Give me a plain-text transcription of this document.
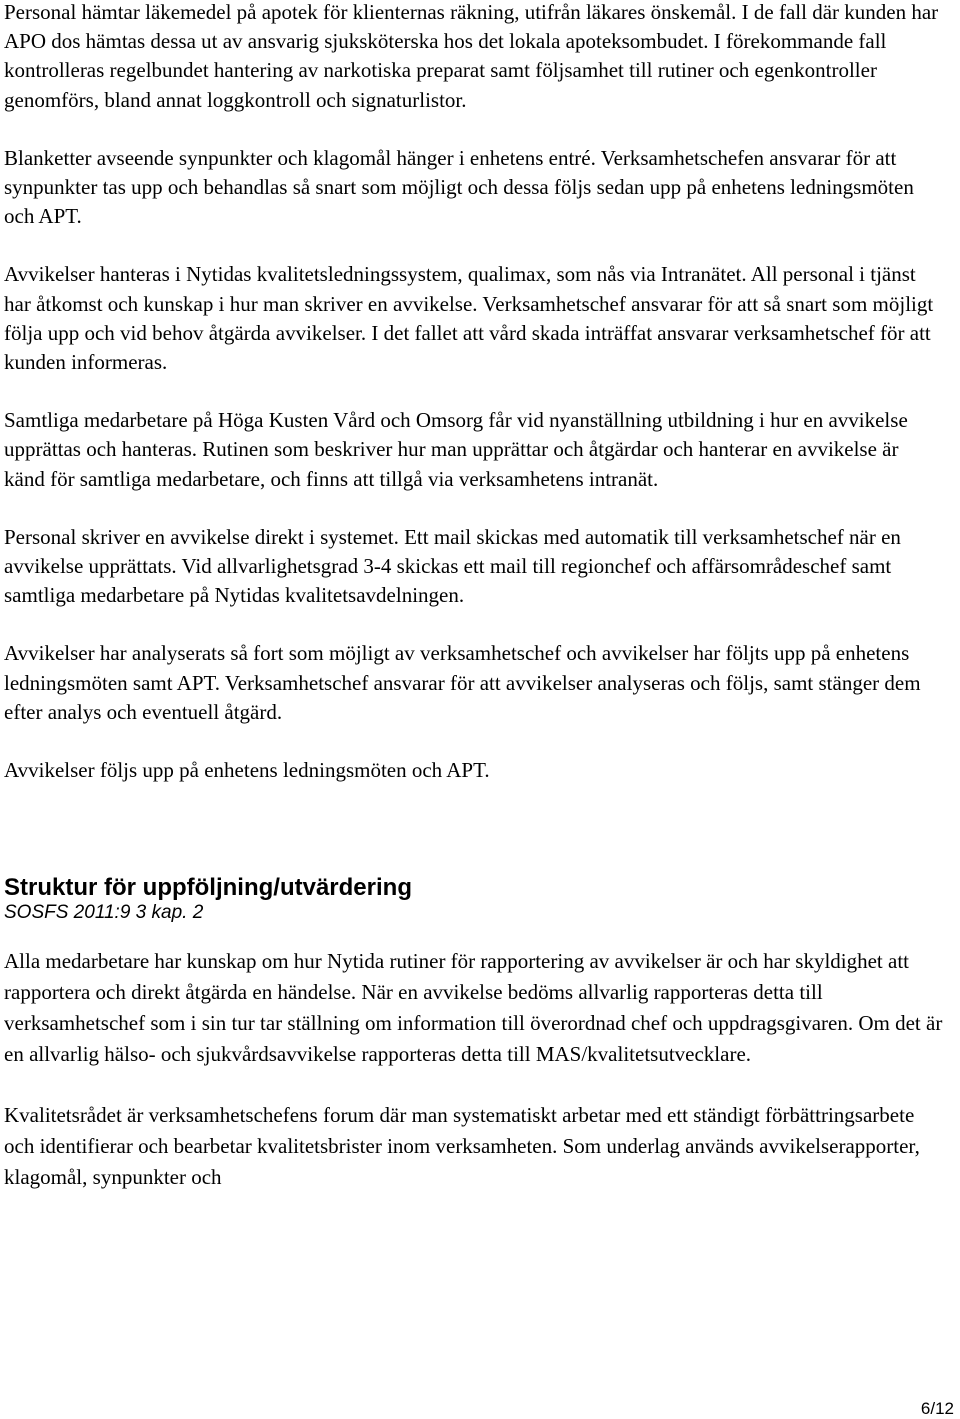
Personal hämtar läkemedel på apotek för klienternas räkning, utifrån läkares önskemål. I de fall där kunden har APO dos hämtas dessa ut av ansvarig sjuksköterska hos det lokala apoteksombudet. I förekommande fall kontrolleras regelbundet hantering av narkotiska preparat samt följsamhet till rutiner och egenkontroller genomförs, bland annat loggkontroll och signaturlistor.

Blanketter avseende synpunkter och klagomål hänger i enhetens entré. Verksamhetschefen ansvarar för att synpunkter tas upp och behandlas så snart som möjligt och dessa följs sedan upp på enhetens ledningsmöten och APT.

Avvikelser hanteras i Nytidas kvalitetsledningssystem, qualimax, som nås via Intranätet. All personal i tjänst har åtkomst och kunskap i hur man skriver en avvikelse. Verksamhetschef ansvarar för att så snart som möjligt följa upp och vid behov åtgärda avvikelser. I det fallet att vård skada inträffat ansvarar verksamhetschef för att kunden informeras.

Samtliga medarbetare på Höga Kusten Vård och Omsorg får vid nyanställning utbildning i hur en avvikelse upprättas och hanteras. Rutinen som beskriver hur man upprättar och åtgärdar och hanterar en avvikelse är känd för samtliga medarbetare, och finns att tillgå via verksamhetens intranät.

Personal skriver en avvikelse direkt i systemet. Ett mail skickas med automatik till verksamhetschef när en avvikelse upprättats. Vid allvarlighetsgrad 3-4 skickas ett mail till regionchef och affärsområdeschef samt samtliga medarbetare på Nytidas kvalitetsavdelningen.

Avvikelser har analyserats så fort som möjligt av verksamhetschef och avvikelser har följts upp på enhetens ledningsmöten samt APT. Verksamhetschef ansvarar för att avvikelser analyseras och följs, samt stänger dem efter analys och eventuell åtgärd.

Avvikelser följs upp på enhetens ledningsmöten och APT.

Struktur för uppföljning/utvärdering

SOSFS 2011:9 3 kap. 2

Alla medarbetare har kunskap om hur Nytida rutiner för rapportering av avvikelser är och har skyldighet att rapportera och direkt åtgärda en händelse. När en avvikelse bedöms allvarlig rapporteras detta till verksamhetschef som i sin tur tar ställning om information till överordnad chef och uppdragsgivaren. Om det är en allvarlig hälso- och sjukvårdsavvikelse rapporteras detta till MAS/kvalitetsutvecklare.

Kvalitetsrådet är verksamhetschefens forum där man systematiskt arbetar med ett ständigt förbättringsarbete och identifierar och bearbetar kvalitetsbrister inom verksamheten. Som underlag används avvikelserapporter, klagomål, synpunkter och

6/12
